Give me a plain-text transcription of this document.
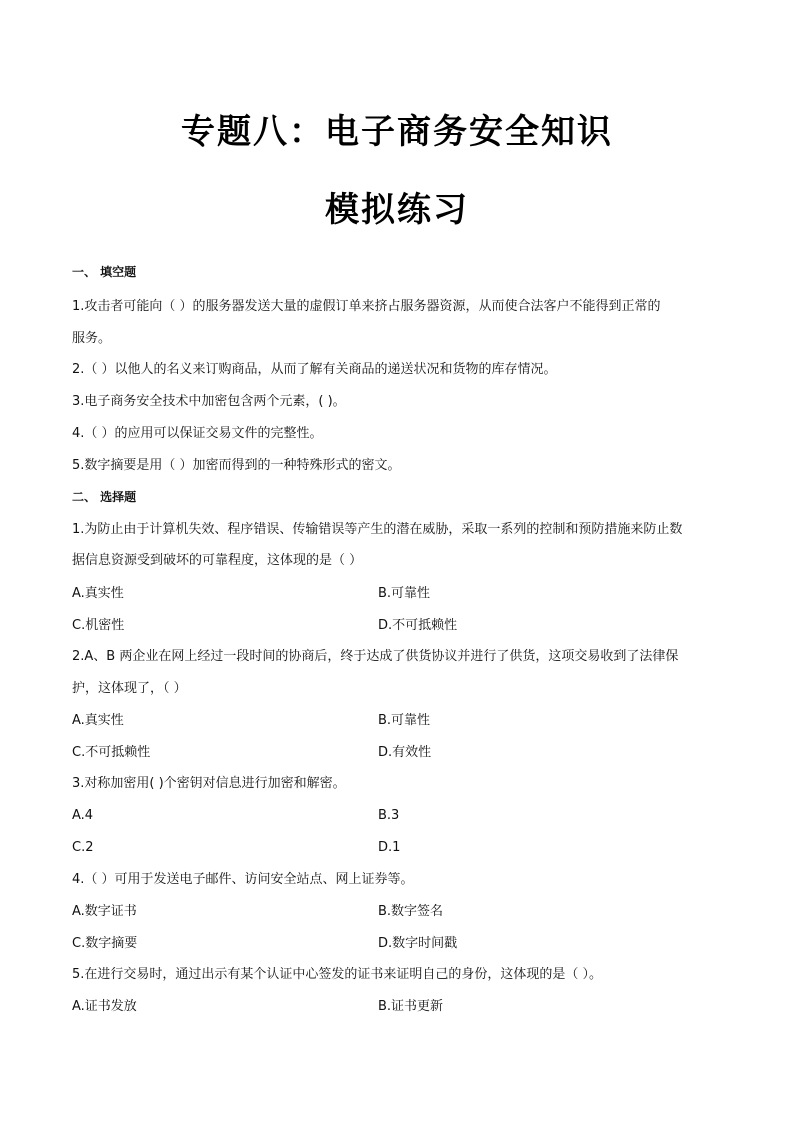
专题八：电子商务安全知识
模拟练习
一、 填空题
1.攻击者可能向（ ）的服务器发送大量的虚假订单来挤占服务器资源，从而使合法客户不能得到正常的
服务。
2.（ ）以他人的名义来订购商品，从而了解有关商品的递送状况和货物的库存情况。
3.电子商务安全技术中加密包含两个元素，( )。
4.（ ）的应用可以保证交易文件的完整性。
5.数字摘要是用（ ）加密而得到的一种特殊形式的密文。
二、 选择题
1.为防止由于计算机失效、程序错误、传输错误等产生的潜在威胁，采取一系列的控制和预防措施来防止数
据信息资源受到破坏的可靠程度，这体现的是（ ）
A.真实性	B.可靠性
C.机密性	D.不可抵赖性
2.A、B 两企业在网上经过一段时间的协商后，终于达成了供货协议并进行了供货，这项交易收到了法律保
护，这体现了，（ ）
A.真实性	B.可靠性
C.不可抵赖性	D.有效性
3.对称加密用( )个密钥对信息进行加密和解密。
A.4	B.3
C.2	D.1
4.（ ）可用于发送电子邮件、访问安全站点、网上证券等。
A.数字证书	B.数字签名
C.数字摘要	D.数字时间戳
5.在进行交易时，通过出示有某个认证中心签发的证书来证明自己的身份，这体现的是（ ）。
A.证书发放	B.证书更新
